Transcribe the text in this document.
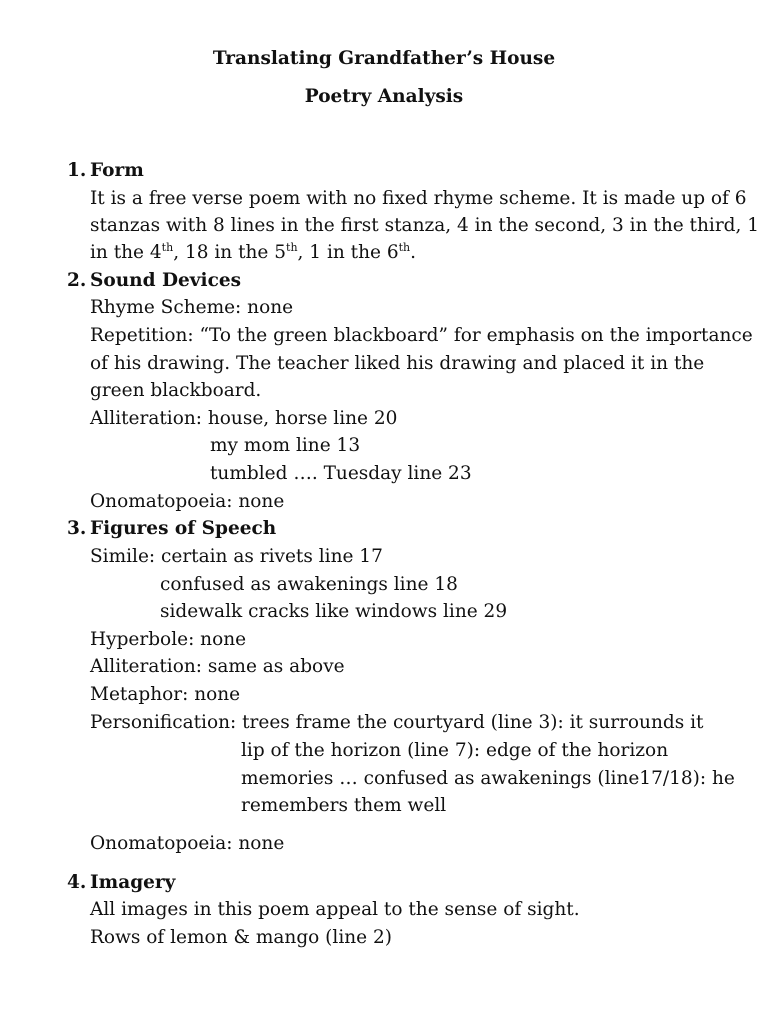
Translating Grandfather’s House
Poetry Analysis
1. Form
It is a free verse poem with no fixed rhyme scheme. It is made up of 6
stanzas with 8 lines in the first stanza, 4 in the second, 3 in the third, 1
in the 4th, 18 in the 5th, 1 in the 6th.
2. Sound Devices
Rhyme Scheme: none
Repetition: “To the green blackboard” for emphasis on the importance
of his drawing. The teacher liked his drawing and placed it in the
green blackboard.
Alliteration: house, horse line 20
my mom line 13
tumbled …. Tuesday line 23
Onomatopoeia: none
3. Figures of Speech
Simile: certain as rivets line 17
confused as awakenings line 18
sidewalk cracks like windows line 29
Hyperbole: none
Alliteration: same as above
Metaphor: none
Personification: trees frame the courtyard (line 3): it surrounds it
lip of the horizon (line 7): edge of the horizon
memories … confused as awakenings (line17/18): he
remembers them well
Onomatopoeia: none
4. Imagery
All images in this poem appeal to the sense of sight.
Rows of lemon & mango (line 2)
